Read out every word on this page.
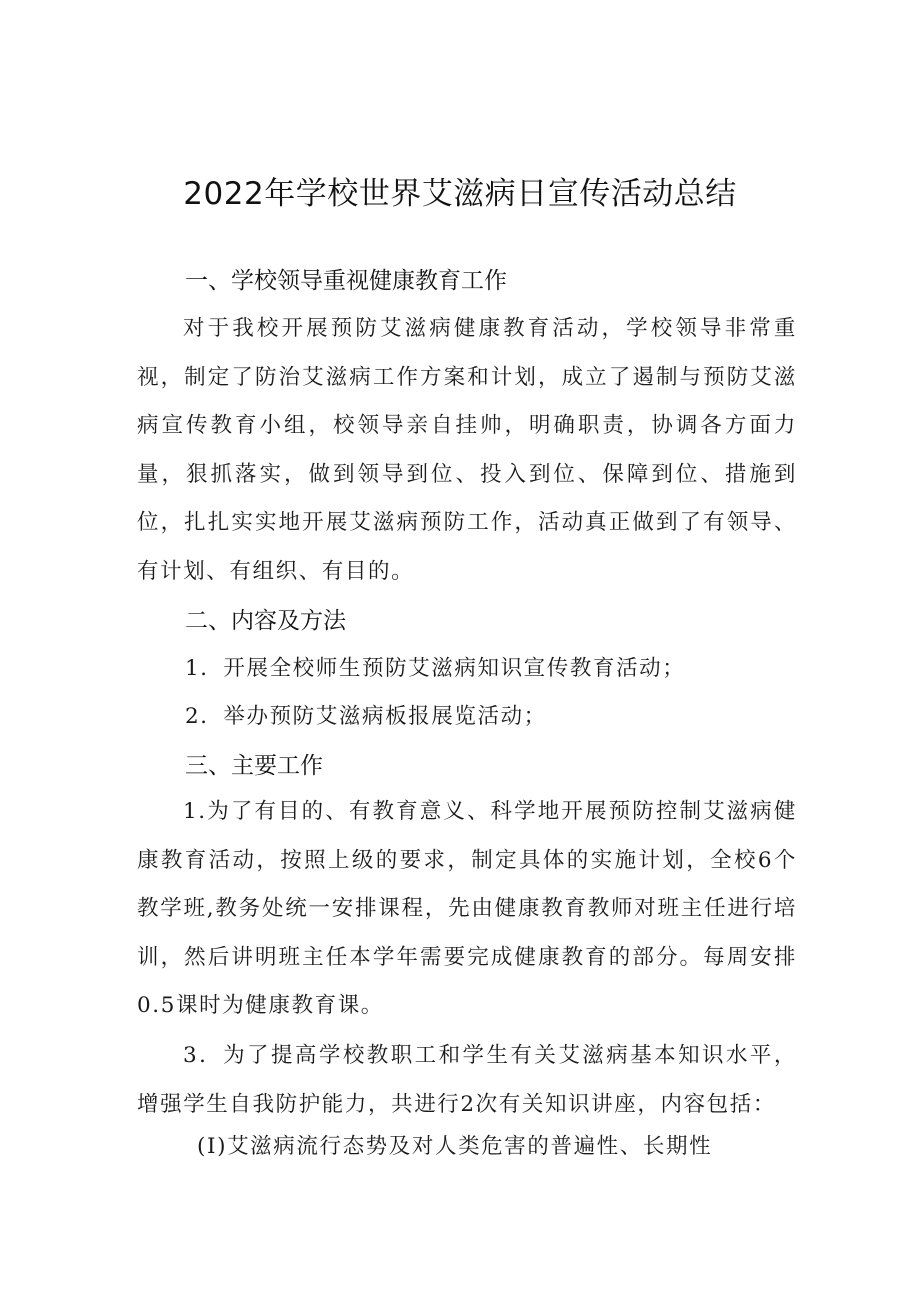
2022年学校世界艾滋病日宣传活动总结
一、学校领导重视健康教育工作

对于我校开展预防艾滋病健康教育活动，学校领导非常重视，制定了防治艾滋病工作方案和计划，成立了遏制与预防艾滋病宣传教育小组，校领导亲自挂帅，明确职责，协调各方面力量，狠抓落实，做到领导到位、投入到位、保障到位、措施到位，扎扎实实地开展艾滋病预防工作，活动真正做到了有领导、有计划、有组织、有目的。

二、内容及方法
1．开展全校师生预防艾滋病知识宣传教育活动；
2．举办预防艾滋病板报展览活动；
三、主要工作

1.为了有目的、有教育意义、科学地开展预防控制艾滋病健康教育活动，按照上级的要求，制定具体的实施计划，全校6个教学班,教务处统一安排课程，先由健康教育教师对班主任进行培训，然后讲明班主任本学年需要完成健康教育的部分。每周安排0.5课时为健康教育课。

3．为了提高学校教职工和学生有关艾滋病基本知识水平，增强学生自我防护能力，共进行2次有关知识讲座，内容包括：

(I)艾滋病流行态势及对人类危害的普遍性、长期性
